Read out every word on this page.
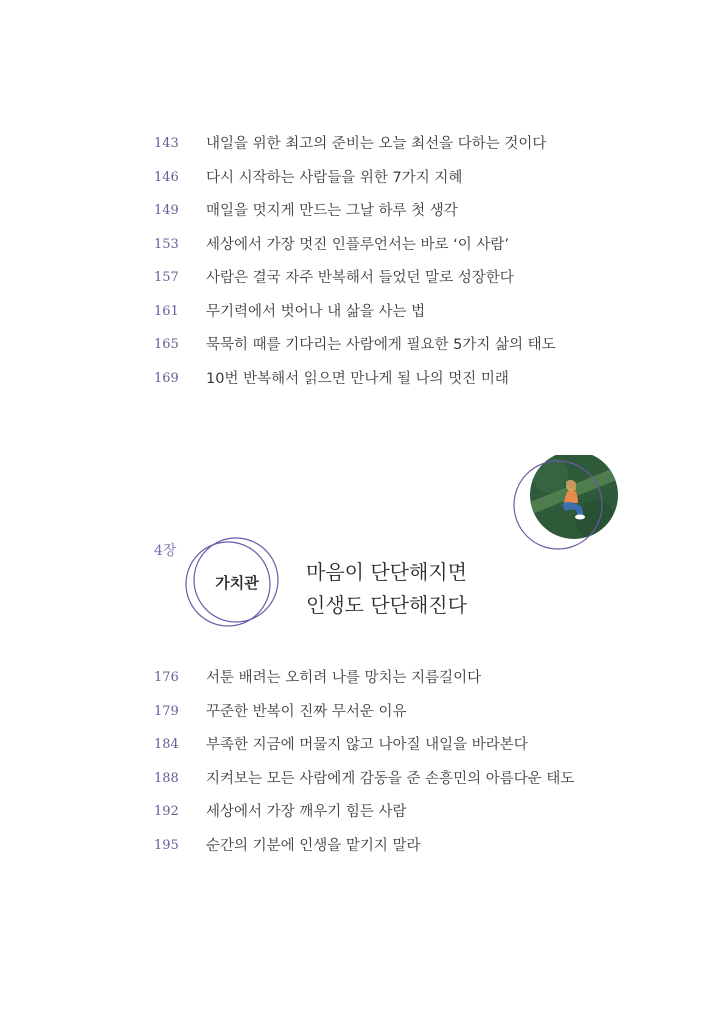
143	내일을 위한 최고의 준비는 오늘 최선을 다하는 것이다
146	다시 시작하는 사람들을 위한 7가지 지혜
149	매일을 멋지게 만드는 그날 하루 첫 생각
153	세상에서 가장 멋진 인플루언서는 바로 ‘이 사람’
157	사람은 결국 자주 반복해서 들었던 말로 성장한다
161	무기력에서 벗어나 내 삶을 사는 법
165	묵묵히 때를 기다리는 사람에게 필요한 5가지 삶의 태도
169	10번 반복해서 읽으면 만나게 될 나의 멋진 미래
4장
가치관	마음이 단단해지면
인생도 단단해진다
176	서툰 배려는 오히려 나를 망치는 지름길이다
179	꾸준한 반복이 진짜 무서운 이유
184	부족한 지금에 머물지 않고 나아질 내일을 바라본다
188	지켜보는 모든 사람에게 감동을 준 손흥민의 아름다운 태도
192	세상에서 가장 깨우기 힘든 사람
195	순간의 기분에 인생을 맡기지 말라
